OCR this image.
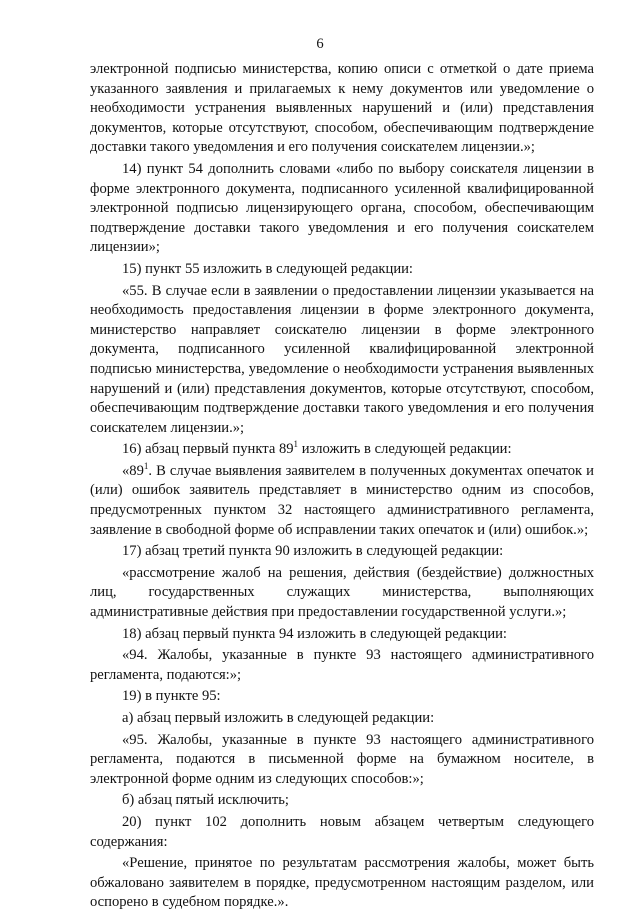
6

электронной подписью министерства, копию описи с отметкой о дате приема указанного заявления и прилагаемых к нему документов или уведомление о необходимости устранения выявленных нарушений и (или) представления документов, которые отсутствуют, способом, обеспечивающим подтверждение доставки такого уведомления и его получения соискателем лицензии.»;

14) пункт 54 дополнить словами «либо по выбору соискателя лицензии в форме электронного документа, подписанного усиленной квалифицированной электронной подписью лицензирующего органа, способом, обеспечивающим подтверждение доставки такого уведомления и его получения соискателем лицензии»;

15) пункт 55 изложить в следующей редакции:

«55. В случае если в заявлении о предоставлении лицензии указывается на необходимость предоставления лицензии в форме электронного документа, министерство направляет соискателю лицензии в форме электронного документа, подписанного усиленной квалифицированной электронной подписью министерства, уведомление о необходимости устранения выявленных нарушений и (или) представления документов, которые отсутствуют, способом, обеспечивающим подтверждение доставки такого уведомления и его получения соискателем лицензии.»;

16) абзац первый пункта $89^1$ изложить в следующей редакции:

«$89^1$. В случае выявления заявителем в полученных документах опечаток и (или) ошибок заявитель представляет в министерство одним из способов, предусмотренных пунктом 32 настоящего административного регламента, заявление в свободной форме об исправлении таких опечаток и (или) ошибок.»;

17) абзац третий пункта 90 изложить в следующей редакции:

«рассмотрение жалоб на решения, действия (бездействие) должностных лиц, государственных служащих министерства, выполняющих административные действия при предоставлении государственной услуги.»;

18) абзац первый пункта 94 изложить в следующей редакции:

«94. Жалобы, указанные в пункте 93 настоящего административного регламента, подаются:»;

19) в пункте 95:

а) абзац первый изложить в следующей редакции:

«95. Жалобы, указанные в пункте 93 настоящего административного регламента, подаются в письменной форме на бумажном носителе, в электронной форме одним из следующих способов:»;

б) абзац пятый исключить;

20) пункт 102 дополнить новым абзацем четвертым следующего содержания:

«Решение, принятое по результатам рассмотрения жалобы, может быть обжаловано заявителем в порядке, предусмотренном настоящим разделом, или оспорено в судебном порядке.».
